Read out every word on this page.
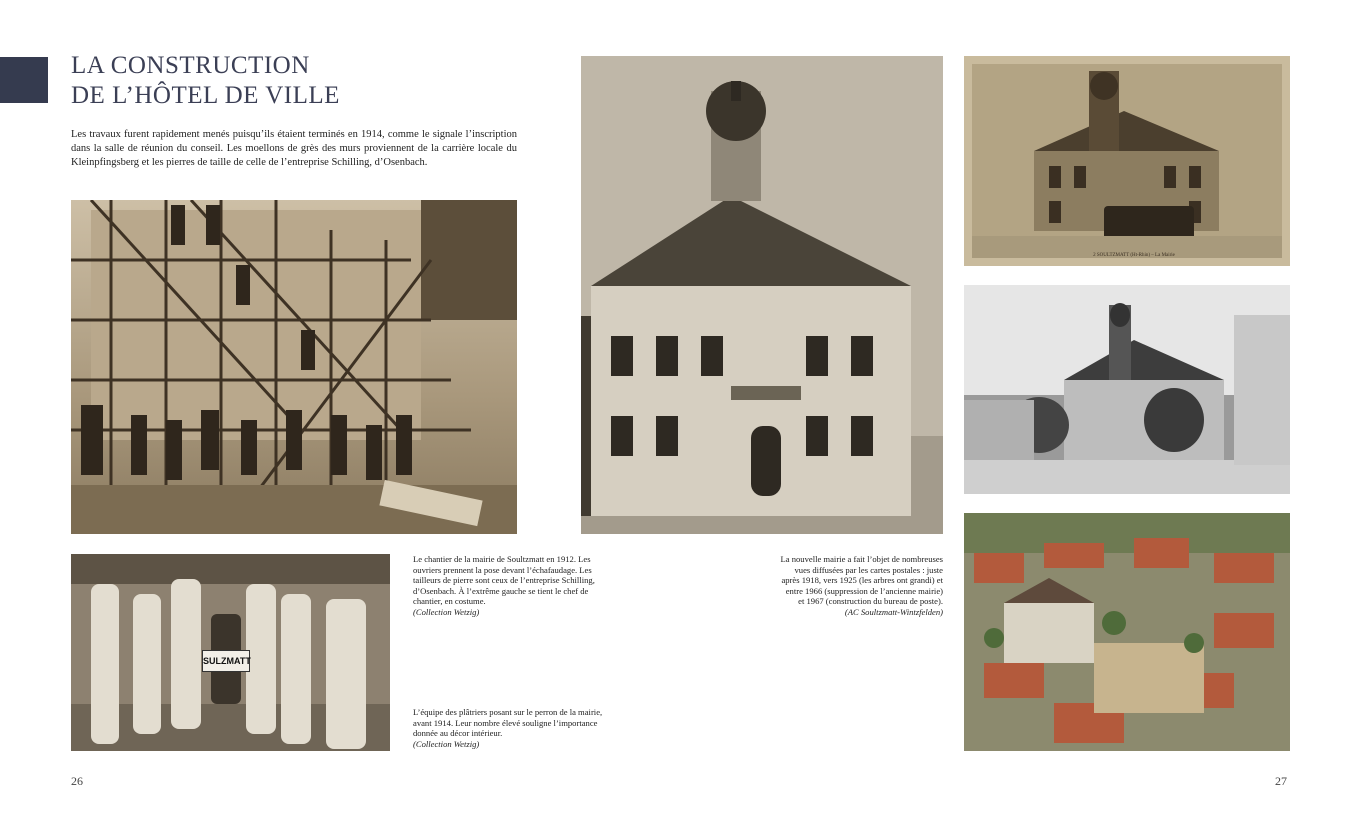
LA CONSTRUCTION
DE L’HÔTEL DE VILLE

Les travaux furent rapidement menés puisqu’ils étaient terminés en 1914, comme le signale l’inscription dans la salle de réunion du conseil. Les moellons de grès des murs proviennent de la carrière locale du Kleinpfingsberg et les pierres de taille de celle de l’entreprise Schilling, d’Osenbach.

SULZMATT
Le chantier de la mairie de Soultzmatt en 1912. Les ouvriers prennent la pose devant l’échafaudage. Les tailleurs de pierre sont ceux de l’entreprise Schilling, d’Osenbach. À l’extrême gauche se tient le chef de chantier, en costume.
(Collection Wetzig)
L’équipe des plâtriers posant sur le perron de la mairie, avant 1914. Leur nombre élevé souligne l’importance donnée au décor intérieur.
(Collection Wetzig)
La nouvelle mairie a fait l’objet de nombreuses vues diffusées par les cartes postales : juste après 1918, vers 1925 (les arbres ont grandi) et entre 1966 (suppression de l’ancienne mairie) et 1967 (construction du bureau de poste).
(AC Soultzmatt-Wintzfelden)
2 SOULTZMATT (Ht-Rhin) – La Mairie
26	27
